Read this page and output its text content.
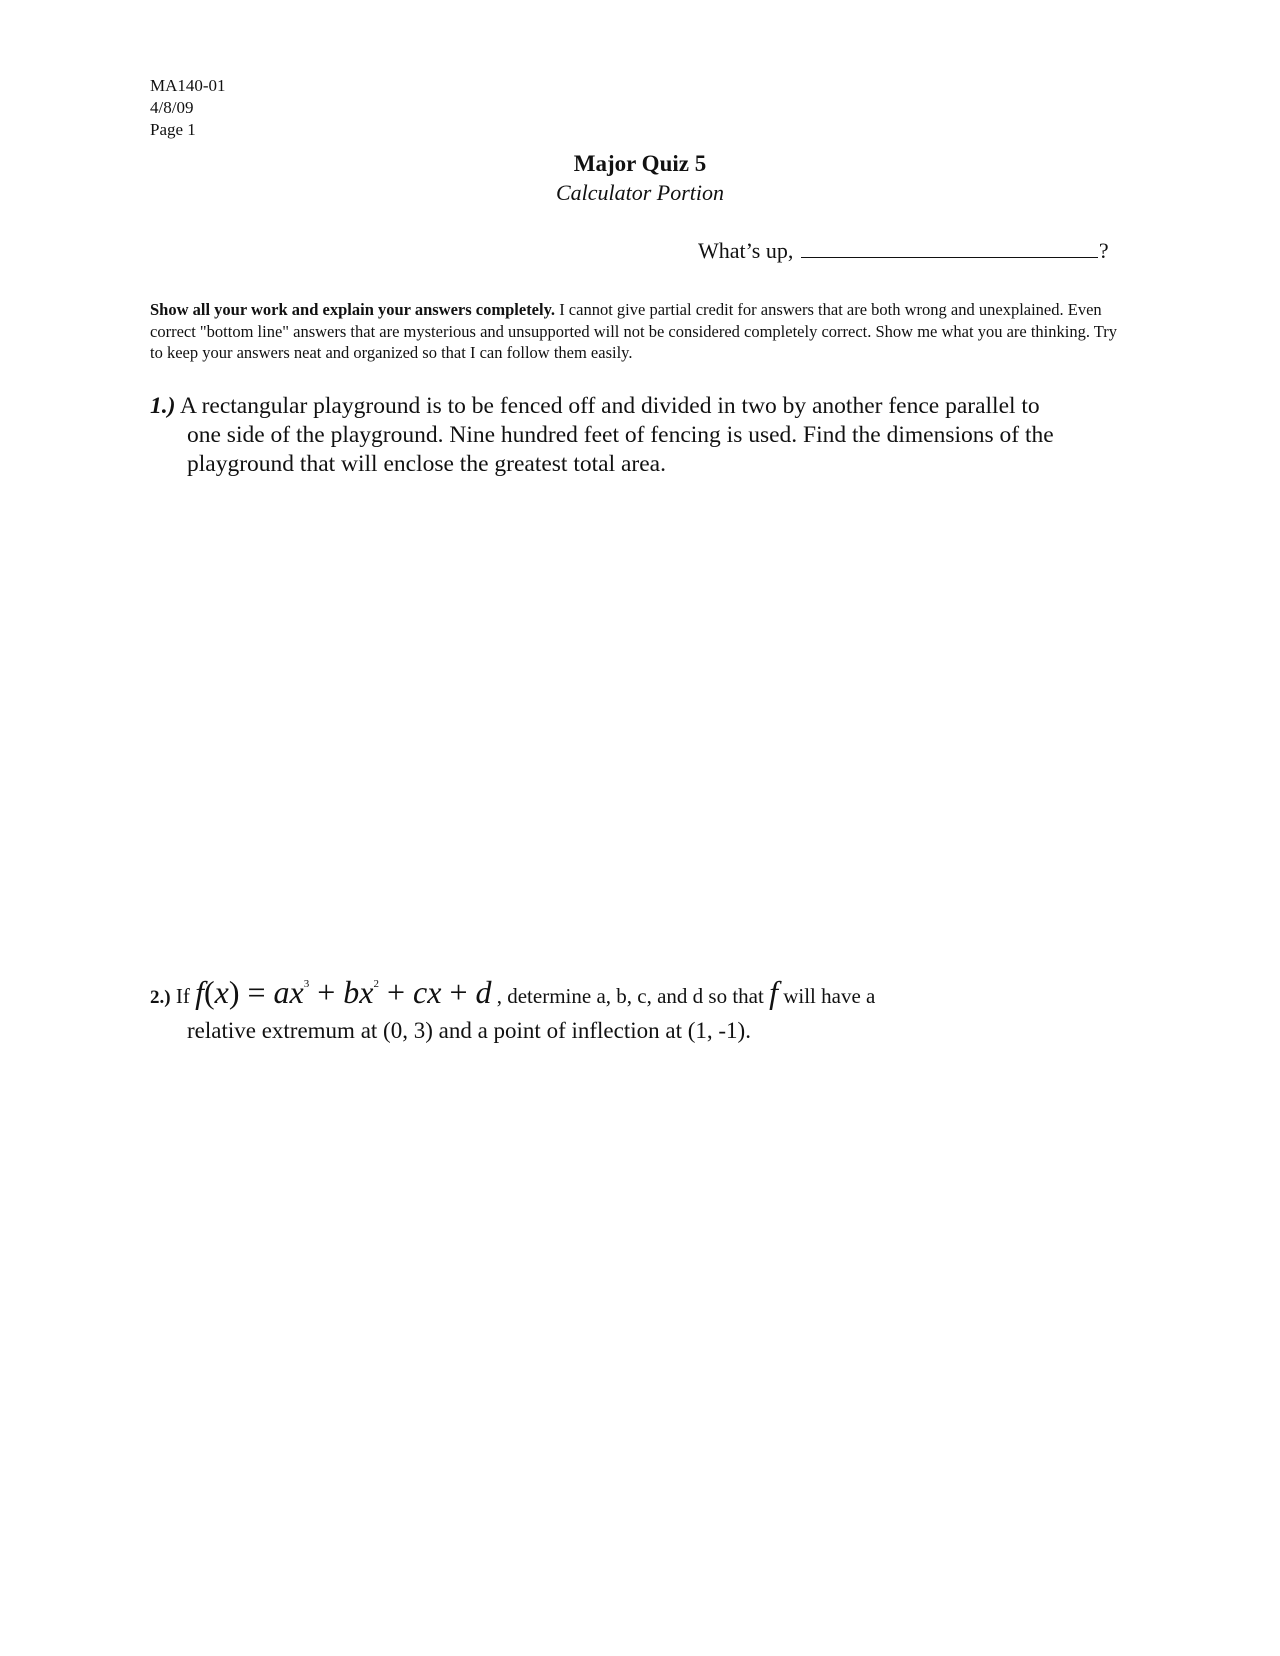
MA140-01
4/8/09
Page 1
Major Quiz 5
Calculator Portion
What’s up,	?
Show all your work and explain your answers completely. I cannot give partial credit for answers that are both wrong and unexplained. Even correct "bottom line" answers that are mysterious and unsupported will not be considered completely correct. Show me what you are thinking. Try to keep your answers neat and organized so that I can follow them easily.
1.) A rectangular playground is to be fenced off and divided in two by another fence parallel to
one side of the playground. Nine hundred feet of fencing is used. Find the dimensions of the
playground that will enclose the greatest total area.
2.) If $f(x) = ax^3 + bx^2$ + cx + d , determine a, b, c, and d so that f will have a
relative extremum at (0, 3) and a point of inflection at (1, -1).
